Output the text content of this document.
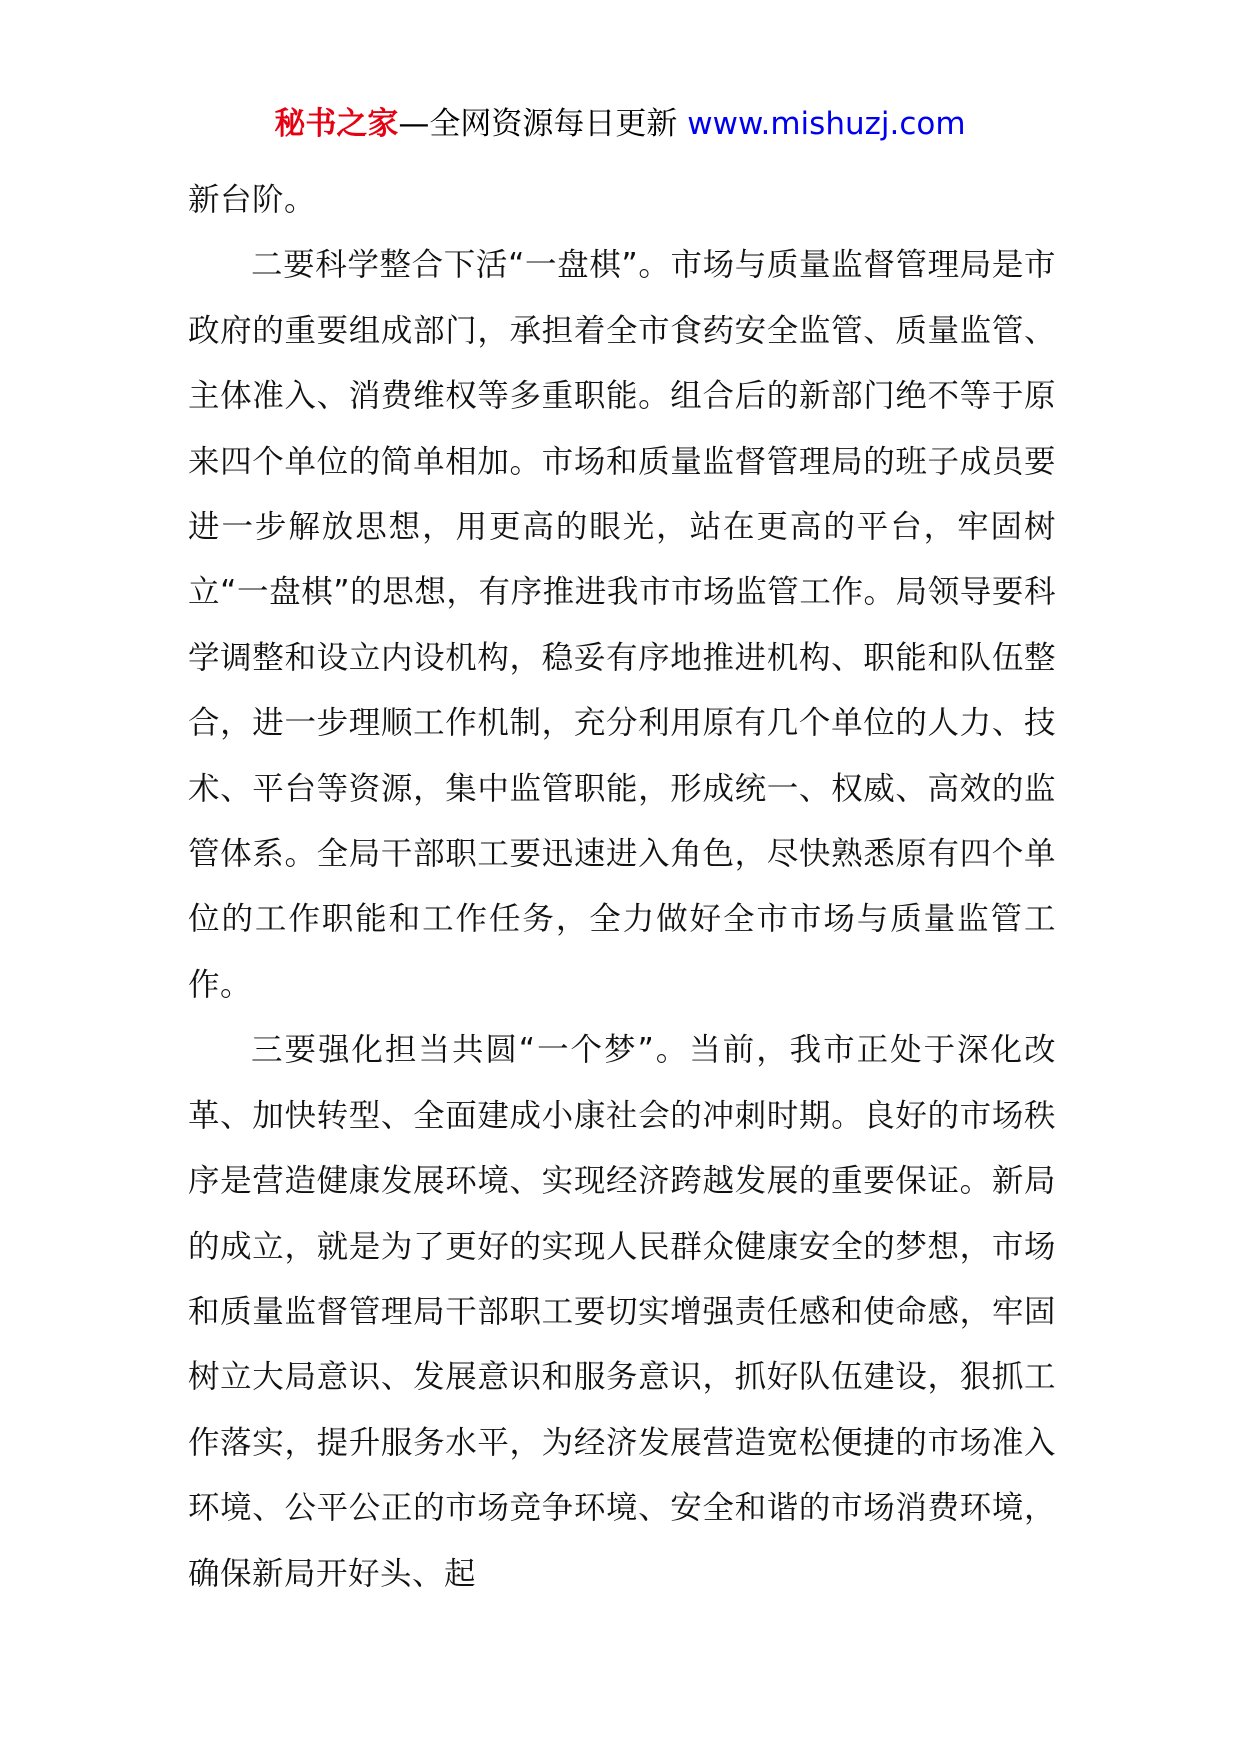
秘书之家—全网资源每日更新 www.mishuzj.com

新台阶。

二要科学整合下活“一盘棋”。市场与质量监督管理局是市政府的重要组成部门，承担着全市食药安全监管、质量监管、主体准入、消费维权等多重职能。组合后的新部门绝不等于原来四个单位的简单相加。市场和质量监督管理局的班子成员要进一步解放思想，用更高的眼光，站在更高的平台，牢固树立“一盘棋”的思想，有序推进我市市场监管工作。局领导要科学调整和设立内设机构，稳妥有序地推进机构、职能和队伍整合，进一步理顺工作机制，充分利用原有几个单位的人力、技术、平台等资源，集中监管职能，形成统一、权威、高效的监管体系。全局干部职工要迅速进入角色，尽快熟悉原有四个单位的工作职能和工作任务，全力做好全市市场与质量监管工作。

三要强化担当共圆“一个梦”。当前，我市正处于深化改革、加快转型、全面建成小康社会的冲刺时期。良好的市场秩序是营造健康发展环境、实现经济跨越发展的重要保证。新局的成立，就是为了更好的实现人民群众健康安全的梦想，市场和质量监督管理局干部职工要切实增强责任感和使命感，牢固树立大局意识、发展意识和服务意识，抓好队伍建设，狠抓工作落实，提升服务水平，为经济发展营造宽松便捷的市场准入环境、公平公正的市场竞争环境、安全和谐的市场消费环境，确保新局开好头、起
